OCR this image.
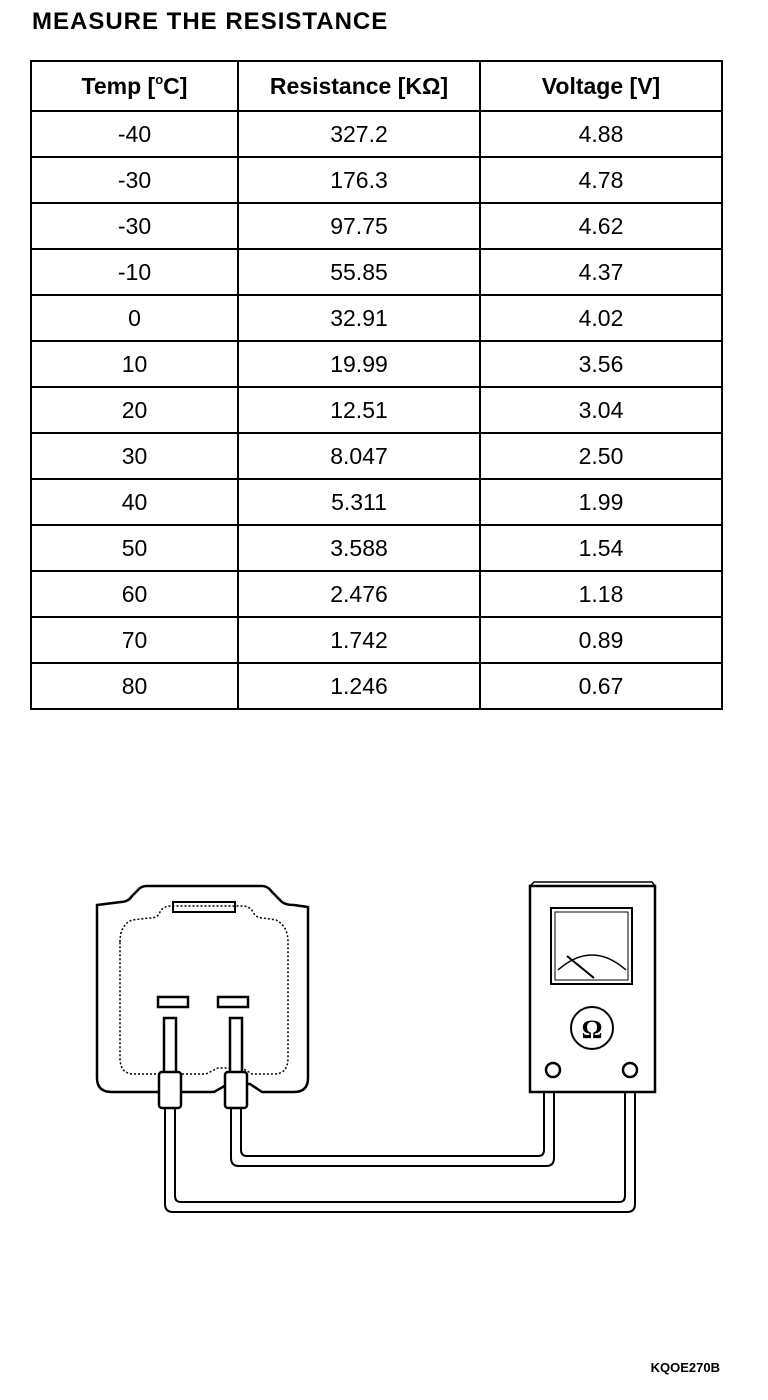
MEASURE THE RESISTANCE
Temp [$^o$C]	Resistance [KΩ]	Voltage [V]
-40	327.2	4.88
-30	176.3	4.78
-30	97.75	4.62
-10	55.85	4.37
0	32.91	4.02
10	19.99	3.56
20	12.51	3.04
30	8.047	2.50
40	5.311	1.99
50	3.588	1.54
60	2.476	1.18
70	1.742	0.89
80	1.246	0.67
Ω
KQOE270B
